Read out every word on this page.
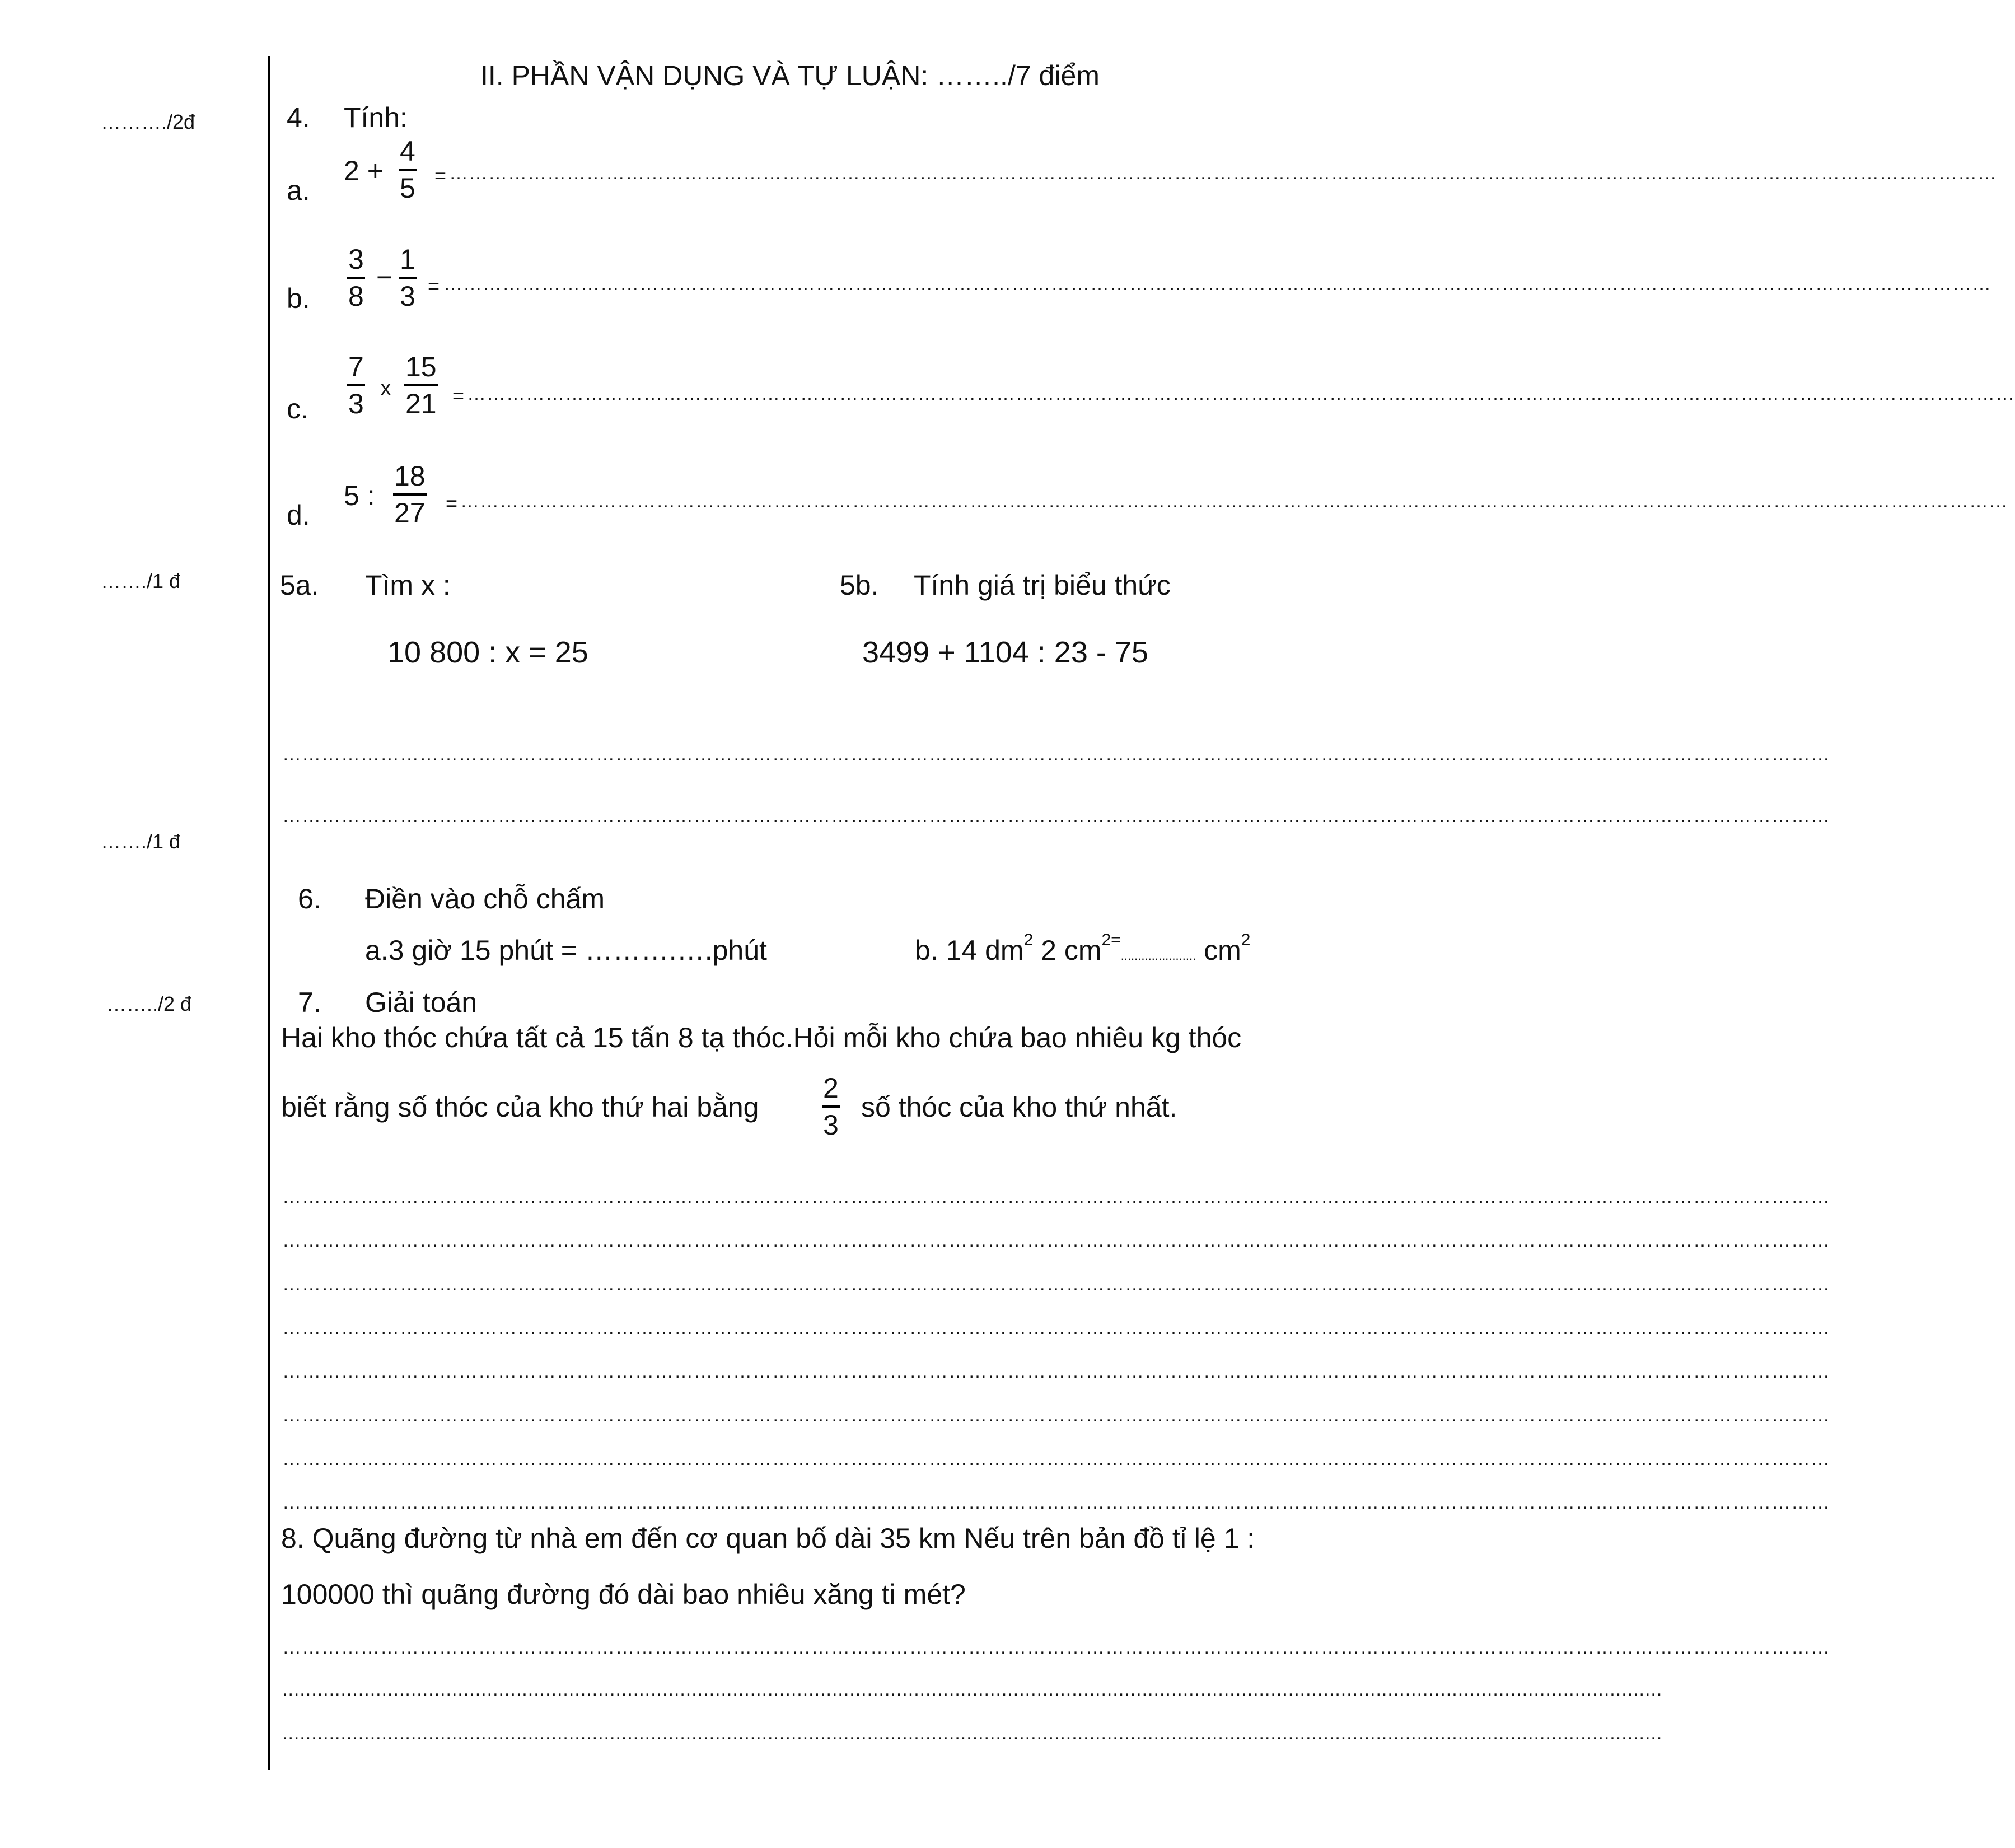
II. PHẦN VẬN DỤNG VÀ TỰ LUẬN: ……../7 điểm
………./2đ
……./1 đ
……./1 đ
……../2 đ
4. Tính:
a.
2 +
4
5 = …………………………………………………………………………………………………………………………………………………………………………………………………………………
b.
3
8
−
1
3 = …………………………………………………………………………………………………………………………………………………………………………………………………………………
c.
7
3
x
15
21 = …………………………………………………………………………………………………………………………………………………………………………………………………………………
d.
5 :
18
27 = …………………………………………………………………………………………………………………………………………………………………………………………………………………
5a. Tìm x :	5b. Tính giá trị biểu thức
10 800 : x = 25	3499 + 1104 : 23 - 75
…………………………………………………………………………………………………………………………………………………………………………………………………………………
…………………………………………………………………………………………………………………………………………………………………………………………………………………
6. Điền vào chỗ chấm
a.3 giờ 15 phút = ……….….phút	b. 14 $dm^2$ 2 $cm^{2=}$...................... $cm^2$
7. Giải toán
Hai kho thóc chứa tất cả 15 tấn 8 tạ thóc.Hỏi mỗi kho chứa bao nhiêu kg thóc
biết rằng số thóc của kho thứ hai bằng
2
3
số thóc của kho thứ nhất.
…………………………………………………………………………………………………………………………………………………………………………………………………………………
…………………………………………………………………………………………………………………………………………………………………………………………………………………
…………………………………………………………………………………………………………………………………………………………………………………………………………………
…………………………………………………………………………………………………………………………………………………………………………………………………………………
…………………………………………………………………………………………………………………………………………………………………………………………………………………
…………………………………………………………………………………………………………………………………………………………………………………………………………………
…………………………………………………………………………………………………………………………………………………………………………………………………………………
…………………………………………………………………………………………………………………………………………………………………………………………………………………
8. Quãng đường từ nhà em đến cơ quan bố dài 35 km Nếu trên bản đồ tỉ lệ 1 :
100000 thì quãng đường đó dài bao nhiêu xăng ti mét?
…………………………………………………………………………………………………………………………………………………………………………………………………………………
............................................................................................................................................................................................................................................
............................................................................................................................................................................................................................................
